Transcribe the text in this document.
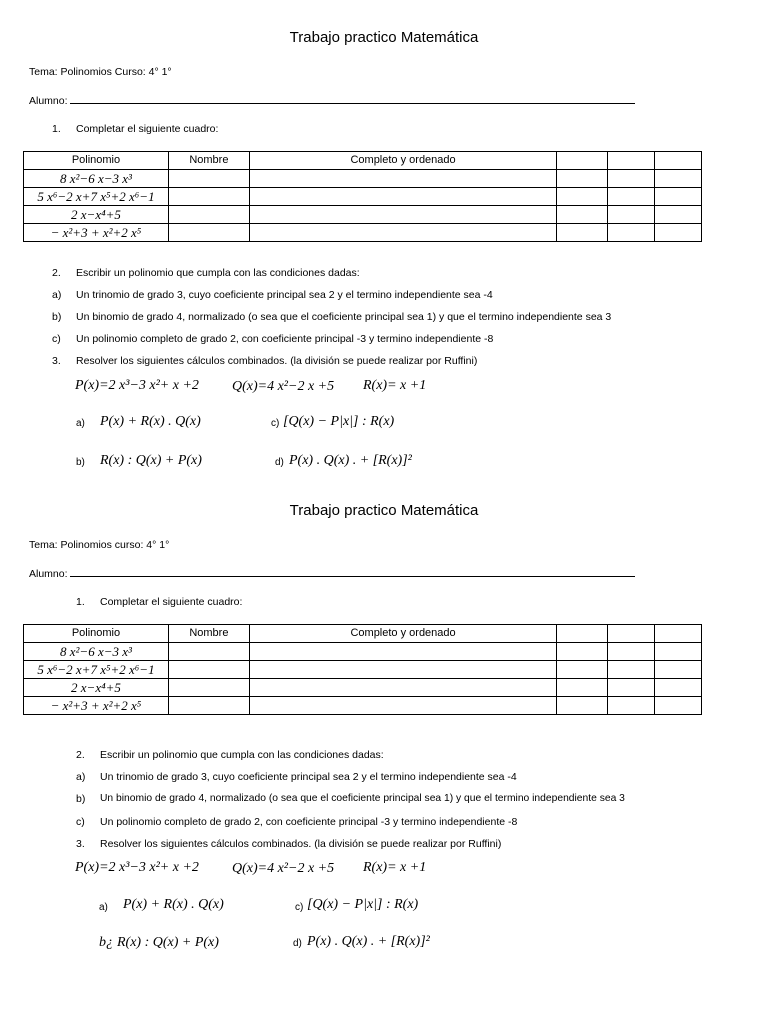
Trabajo practico Matemática
Tema: Polinomios Curso: 4° 1°
Alumno:
1. Completar el siguiente cuadro:
Polinomio	Nombre	Completo y ordenado			
8 x²−6 x−3 x³					
5 x⁶−2 x+7 x⁵+2 x⁶−1					
2 x−x⁴+5					
− x²+3 + x²+2 x⁵					
2. Escribir un polinomio que cumpla con las condiciones dadas:
a) Un trinomio de grado 3, cuyo coeficiente principal sea 2 y el termino independiente sea -4
b) Un binomio de grado 4, normalizado (o sea que el coeficiente principal sea 1) y que el termino independiente sea 3
c) Un polinomio completo de grado 2, con coeficiente principal -3 y termino independiente -8
3. Resolver los siguientes cálculos combinados. (la división se puede realizar por Ruffini)
P(x)=2 x³−3 x²+ x +2 Q(x)=4 x²−2 x +5 R(x)= x +1
a) P(x) + R(x) . Q(x)	c) [Q(x) − P|x|] : R(x)
b) R(x) : Q(x) + P(x)	d) P(x) . Q(x) . + [R(x)]²
Trabajo practico Matemática
Tema: Polinomios curso: 4° 1°
Alumno:
1. Completar el siguiente cuadro:
Polinomio	Nombre	Completo y ordenado			
8 x²−6 x−3 x³					
5 x⁶−2 x+7 x⁵+2 x⁶−1					
2 x−x⁴+5					
− x²+3 + x²+2 x⁵					
2. Escribir un polinomio que cumpla con las condiciones dadas:
a) Un trinomio de grado 3, cuyo coeficiente principal sea 2 y el termino independiente sea -4
b) Un binomio de grado 4, normalizado (o sea que el coeficiente principal sea 1) y que el termino independiente sea 3
c) Un polinomio completo de grado 2, con coeficiente principal -3 y termino independiente -8
3. Resolver los siguientes cálculos combinados. (la división se puede realizar por Ruffini)
P(x)=2 x³−3 x²+ x +2 Q(x)=4 x²−2 x +5 R(x)= x +1
a) P(x) + R(x) . Q(x)	c) [Q(x) − P|x|] : R(x)
b¿ R(x) : Q(x) + P(x)	d) P(x) . Q(x) . + [R(x)]²
